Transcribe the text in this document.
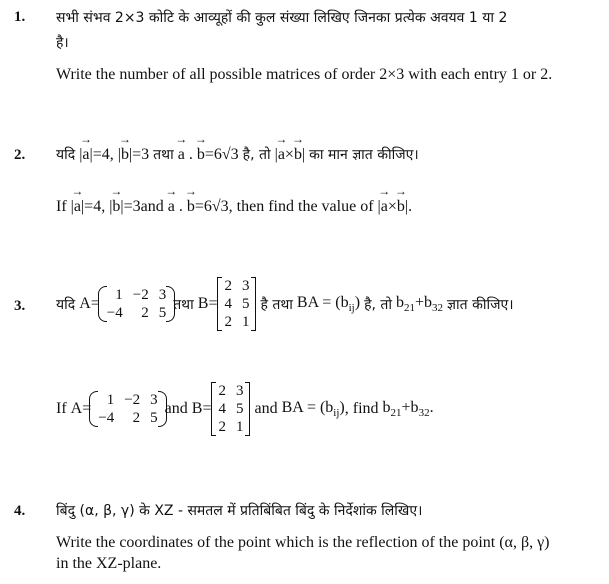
1. सभी संभव 2×3 कोटि के आव्यूहों की कुल संख्या लिखिए जिनका प्रत्येक अवयव 1 या 2
है।
Write the number of all possible matrices of order 2×3 with each entry 1 or 2.
2. यदि |→ a|=4, |→ b|=3 तथा → a . → b=6√3 है, तो |→ a×→ b| का मान ज्ञात कीजिए।
If |→ a|=4, |→ b|=3and → a . → b=6√3, then find the value of |→ a×→ b|.
3. यदि
A= 1	−2	3
−4	2	5
तथा
B=
2	3
4	5
2	1

है तथा
BA = $(b_{ij})$
है, तो
$b_{21}+b_{32}$
ज्ञात कीजिए।
If
A= 1	−2	3
−4	2	5
and
B=
2	3
4	5
2	1

and
BA = $(b_{ij})$ , find
$b_{21}+b_{32}$.
4. बिंदु (α, β, γ) के XZ - समतल में प्रतिबिंबित बिंदु के निर्देशांक लिखिए।
Write the coordinates of the point which is the reflection of the point (α, β, γ)
in the XZ-plane.
